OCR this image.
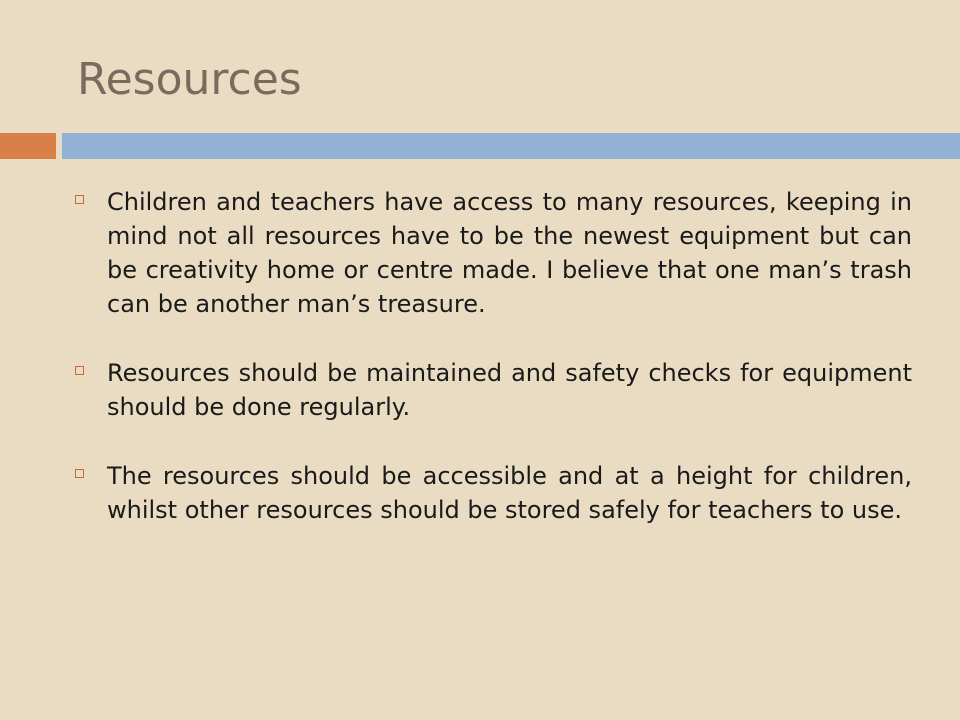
Resources
Children and teachers have access to many resources, keeping in mind not all resources have to be the newest equipment but can be creativity home or centre made. I believe that one man’s trash can be another man’s treasure.
Resources should be maintained and safety checks for equipment should be done regularly.
The resources should be accessible and at a height for children, whilst other resources should be stored safely for teachers to use.
